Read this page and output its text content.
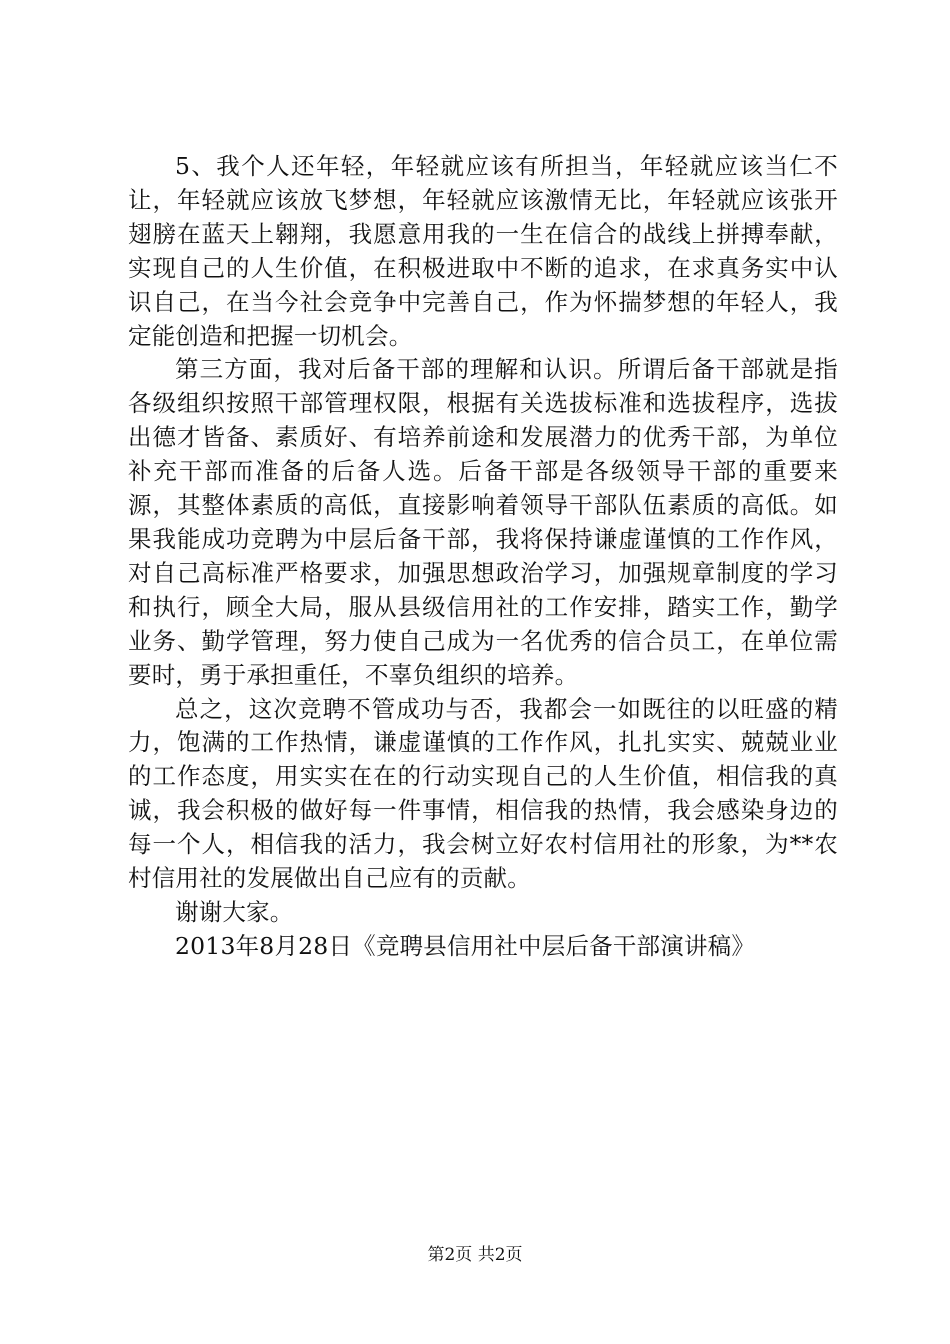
5、我个人还年轻，年轻就应该有所担当，年轻就应该当仁不让，年轻就应该放飞梦想，年轻就应该激情无比，年轻就应该张开翅膀在蓝天上翱翔，我愿意用我的一生在信合的战线上拼搏奉献，实现自己的人生价值，在积极进取中不断的追求，在求真务实中认识自己，在当今社会竞争中完善自己，作为怀揣梦想的年轻人，我定能创造和把握一切机会。

第三方面，我对后备干部的理解和认识。所谓后备干部就是指各级组织按照干部管理权限，根据有关选拔标准和选拔程序，选拔出德才皆备、素质好、有培养前途和发展潜力的优秀干部，为单位补充干部而准备的后备人选。后备干部是各级领导干部的重要来源，其整体素质的高低，直接影响着领导干部队伍素质的高低。如果我能成功竞聘为中层后备干部，我将保持谦虚谨慎的工作作风，对自己高标准严格要求，加强思想政治学习，加强规章制度的学习和执行，顾全大局，服从县级信用社的工作安排，踏实工作，勤学业务、勤学管理，努力使自己成为一名优秀的信合员工，在单位需要时，勇于承担重任，不辜负组织的培养。

总之，这次竞聘不管成功与否，我都会一如既往的以旺盛的精力，饱满的工作热情，谦虚谨慎的工作作风，扎扎实实、兢兢业业的工作态度，用实实在在的行动实现自己的人生价值，相信我的真诚，我会积极的做好每一件事情，相信我的热情，我会感染身边的每一个人，相信我的活力，我会树立好农村信用社的形象，为**农村信用社的发展做出自己应有的贡献。

谢谢大家。

2013年8月28日《竞聘县信用社中层后备干部演讲稿》

第2页 共2页
